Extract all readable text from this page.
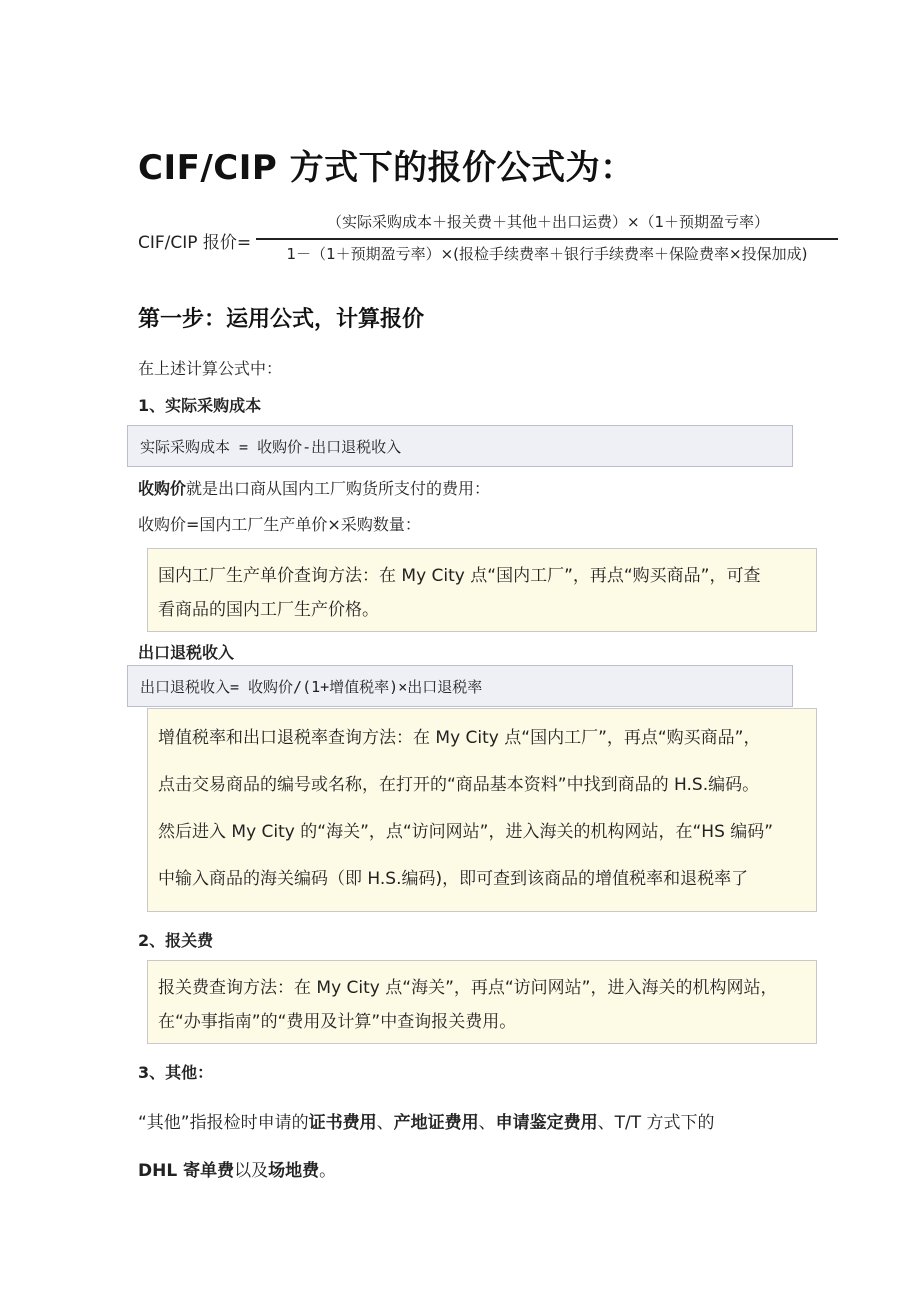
CIF/CIP 方式下的报价公式为：
CIF/CIP 报价=
（实际采购成本＋报关费＋其他＋出口运费）×（1＋预期盈亏率）
1－（1＋预期盈亏率）×(报检手续费率＋银行手续费率＋保险费率×投保加成)
第一步：运用公式，计算报价
在上述计算公式中：
1、实际采购成本
实际采购成本 = 收购价-出口退税收入
收购价就是出口商从国内工厂购货所支付的费用：
收购价=国内工厂生产单价×采购数量：
国内工厂生产单价查询方法：在 My City 点“国内工厂”，再点“购买商品”，可查
看商品的国内工厂生产价格。
出口退税收入
出口退税收入= 收购价/(1+增值税率)×出口退税率
增值税率和出口退税率查询方法：在 My City 点“国内工厂”，再点“购买商品”，
点击交易商品的编号或名称，在打开的“商品基本资料”中找到商品的 H.S.编码。
然后进入 My City 的“海关”，点“访问网站”，进入海关的机构网站，在“HS 编码”
中输入商品的海关编码（即 H.S.编码)，即可查到该商品的增值税率和退税率了
2、报关费
报关费查询方法：在 My City 点“海关”，再点“访问网站”，进入海关的机构网站，
在“办事指南”的“费用及计算”中查询报关费用。
3、其他：
“其他”指报检时申请的证书费用、产地证费用、申请鉴定费用、T/T 方式下的
DHL 寄单费以及场地费。
